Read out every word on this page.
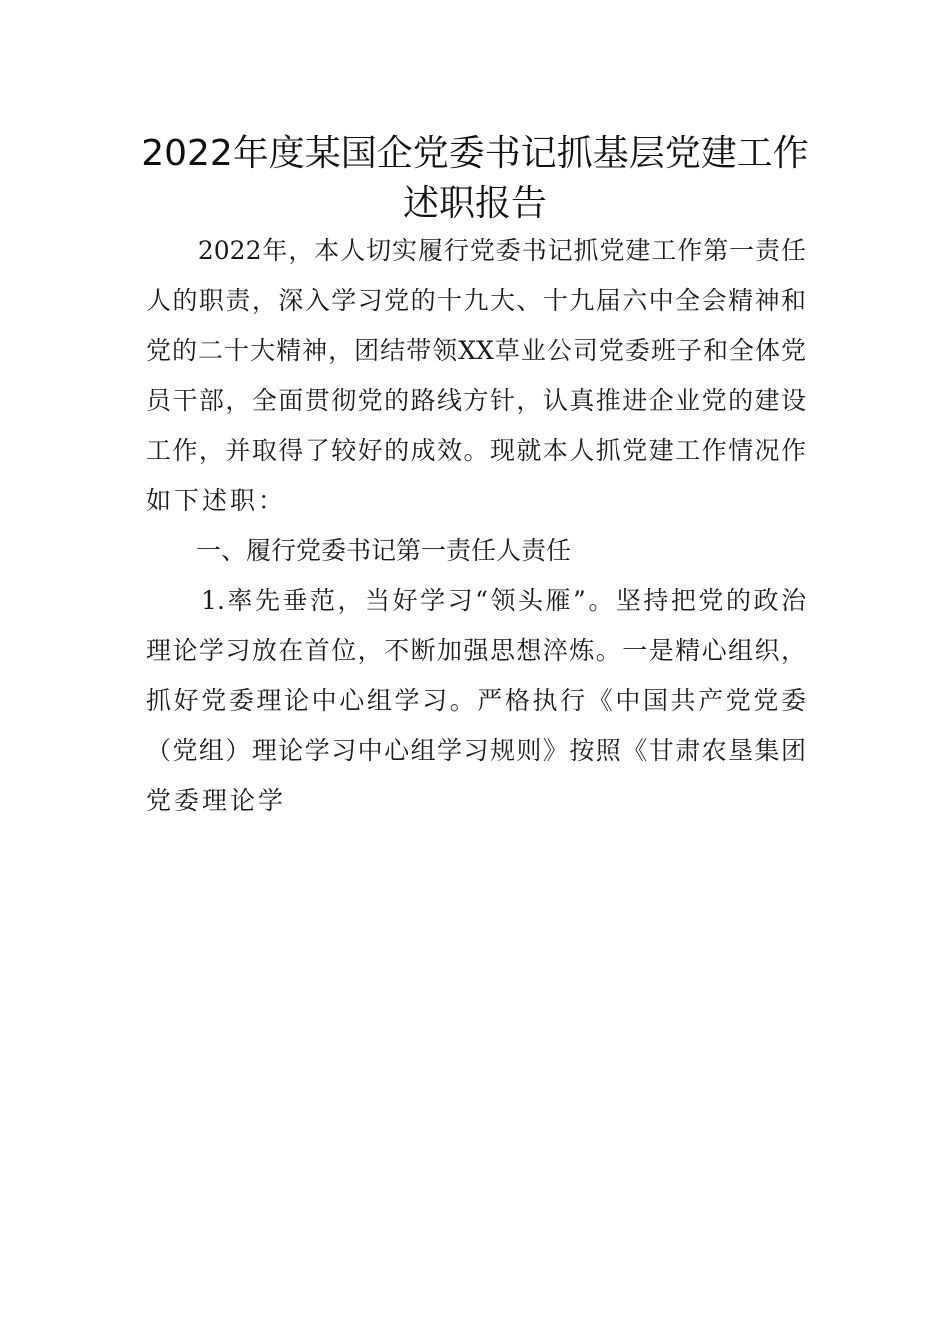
2022年度某国企党委书记抓基层党建工作
述职报告
　　2022年，本人切实履行党委书记抓党建工作第一责任
人的职责，深入学习党的十九大、十九届六中全会精神和
党的二十大精神，团结带领XX草业公司党委班子和全体党
员干部，全面贯彻党的路线方针，认真推进企业党的建设
工作，并取得了较好的成效。现就本人抓党建工作情况作
如下述职：
一、履行党委书记第一责任人责任
　　1.率先垂范，当好学习“领头雁”。坚持把党的政治
理论学习放在首位，不断加强思想淬炼。一是精心组织，
抓好党委理论中心组学习。严格执行《中国共产党党委
（党组）理论学习中心组学习规则》按照《甘肃农垦集团
党委理论学
